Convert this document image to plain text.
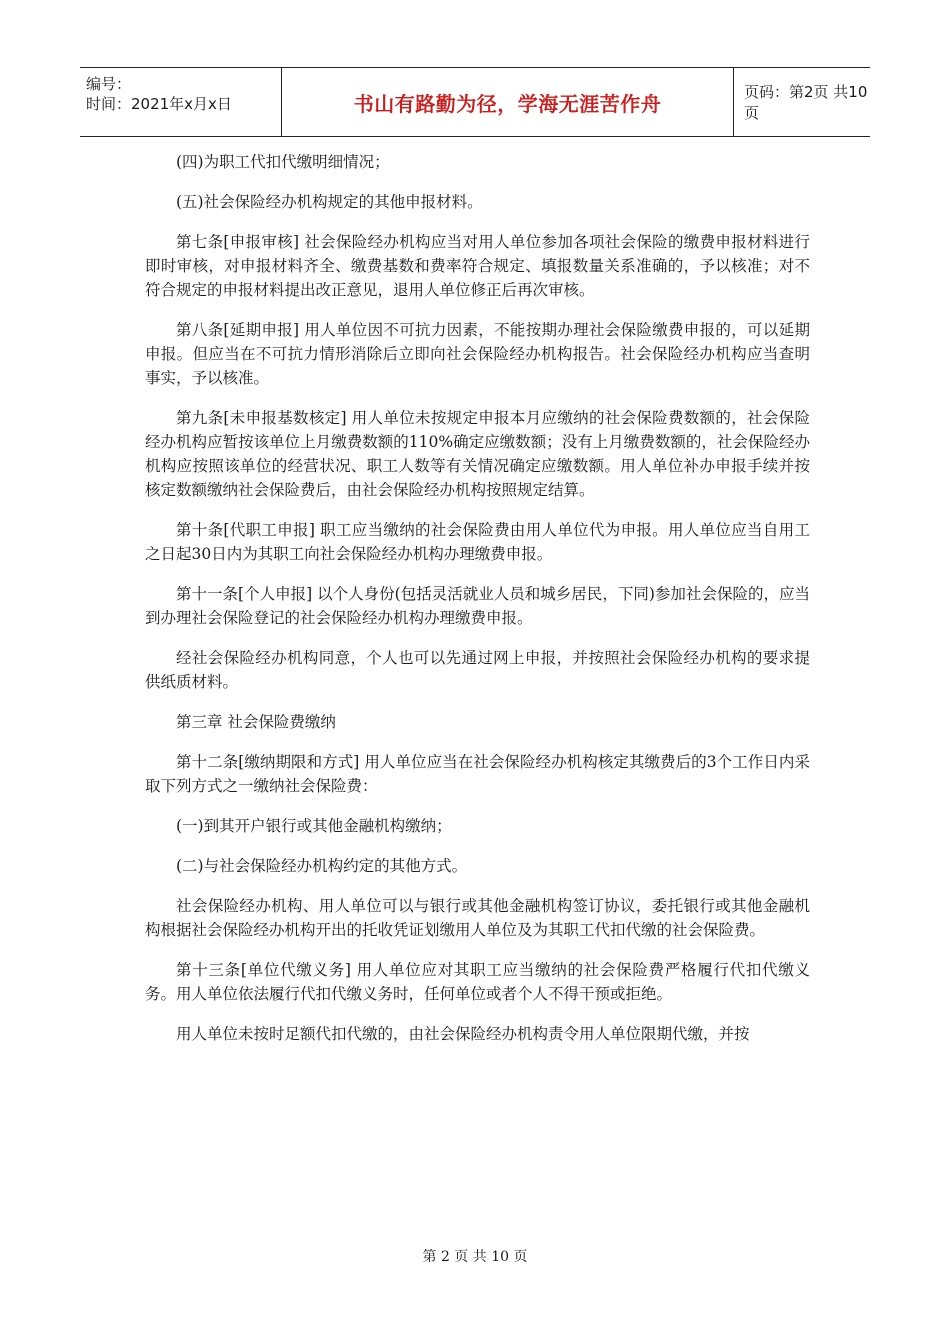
编号：
时间：2021年x月x日	书山有路勤为径，学海无涯苦作舟	页码：第2页 共10页

(四)为职工代扣代缴明细情况；

(五)社会保险经办机构规定的其他申报材料。

第七条[申报审核] 社会保险经办机构应当对用人单位参加各项社会保险的缴费申报材料进行即时审核，对申报材料齐全、缴费基数和费率符合规定、填报数量关系准确的，予以核准；对不符合规定的申报材料提出改正意见，退用人单位修正后再次审核。

第八条[延期申报] 用人单位因不可抗力因素，不能按期办理社会保险缴费申报的，可以延期申报。但应当在不可抗力情形消除后立即向社会保险经办机构报告。社会保险经办机构应当查明事实，予以核准。

第九条[未申报基数核定] 用人单位未按规定申报本月应缴纳的社会保险费数额的，社会保险经办机构应暂按该单位上月缴费数额的110%确定应缴数额；没有上月缴费数额的，社会保险经办机构应按照该单位的经营状况、职工人数等有关情况确定应缴数额。用人单位补办申报手续并按核定数额缴纳社会保险费后，由社会保险经办机构按照规定结算。

第十条[代职工申报] 职工应当缴纳的社会保险费由用人单位代为申报。用人单位应当自用工之日起30日内为其职工向社会保险经办机构办理缴费申报。

第十一条[个人申报] 以个人身份(包括灵活就业人员和城乡居民，下同)参加社会保险的，应当到办理社会保险登记的社会保险经办机构办理缴费申报。

经社会保险经办机构同意，个人也可以先通过网上申报，并按照社会保险经办机构的要求提供纸质材料。

第三章 社会保险费缴纳

第十二条[缴纳期限和方式] 用人单位应当在社会保险经办机构核定其缴费后的3个工作日内采取下列方式之一缴纳社会保险费：

(一)到其开户银行或其他金融机构缴纳；

(二)与社会保险经办机构约定的其他方式。

社会保险经办机构、用人单位可以与银行或其他金融机构签订协议，委托银行或其他金融机构根据社会保险经办机构开出的托收凭证划缴用人单位及为其职工代扣代缴的社会保险费。

第十三条[单位代缴义务] 用人单位应对其职工应当缴纳的社会保险费严格履行代扣代缴义务。用人单位依法履行代扣代缴义务时，任何单位或者个人不得干预或拒绝。

用人单位未按时足额代扣代缴的，由社会保险经办机构责令用人单位限期代缴，并按

第 2 页 共 10 页
